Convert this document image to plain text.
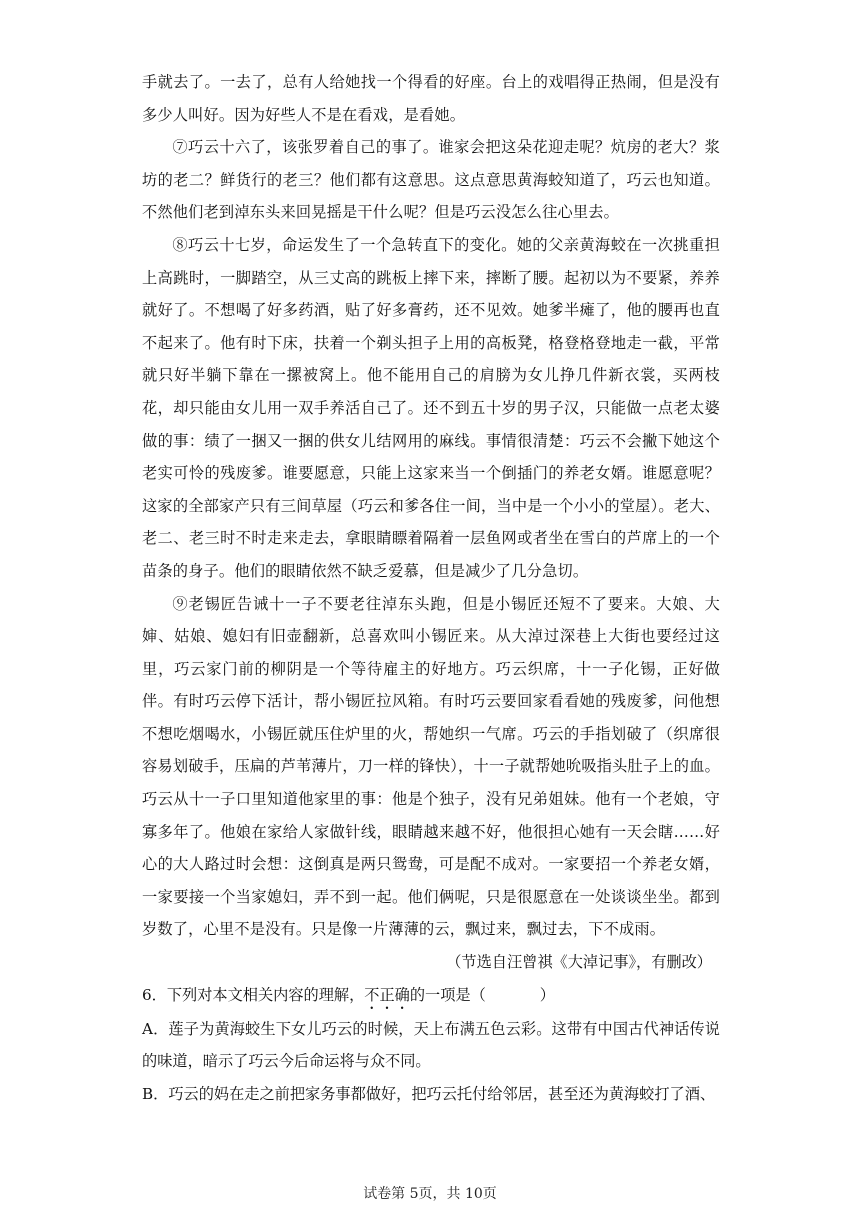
手就去了。一去了，总有人给她找一个得看的好座。台上的戏唱得正热闹，但是没有多少人叫好。因为好些人不是在看戏，是看她。

⑦巧云十六了，该张罗着自己的事了。谁家会把这朵花迎走呢？炕房的老大？浆坊的老二？鲜货行的老三？他们都有这意思。这点意思黄海蛟知道了，巧云也知道。不然他们老到淖东头来回晃摇是干什么呢？但是巧云没怎么往心里去。

⑧巧云十七岁，命运发生了一个急转直下的变化。她的父亲黄海蛟在一次挑重担上高跳时，一脚踏空，从三丈高的跳板上摔下来，摔断了腰。起初以为不要紧，养养就好了。不想喝了好多药酒，贴了好多膏药，还不见效。她爹半瘫了，他的腰再也直不起来了。他有时下床，扶着一个剃头担子上用的高板凳，格登格登地走一截，平常就只好半躺下靠在一摞被窝上。他不能用自己的肩膀为女儿挣几件新衣裳，买两枝花，却只能由女儿用一双手养活自己了。还不到五十岁的男子汉，只能做一点老太婆做的事：绩了一捆又一捆的供女儿结网用的麻线。事情很清楚：巧云不会撇下她这个老实可怜的残废爹。谁要愿意，只能上这家来当一个倒插门的养老女婿。谁愿意呢？这家的全部家产只有三间草屋（巧云和爹各住一间，当中是一个小小的堂屋）。老大、老二、老三时不时走来走去，拿眼睛瞟着隔着一层鱼网或者坐在雪白的芦席上的一个苗条的身子。他们的眼睛依然不缺乏爱慕，但是减少了几分急切。

⑨老锡匠告诫十一子不要老往淖东头跑，但是小锡匠还短不了要来。大娘、大婶、姑娘、媳妇有旧壶翻新，总喜欢叫小锡匠来。从大淖过深巷上大街也要经过这里，巧云家门前的柳阴是一个等待雇主的好地方。巧云织席，十一子化锡，正好做伴。有时巧云停下活计，帮小锡匠拉风箱。有时巧云要回家看看她的残废爹，问他想不想吃烟喝水，小锡匠就压住炉里的火，帮她织一气席。巧云的手指划破了（织席很容易划破手，压扁的芦苇薄片，刀一样的锋快），十一子就帮她吮吸指头肚子上的血。巧云从十一子口里知道他家里的事：他是个独子，没有兄弟姐妹。他有一个老娘，守寡多年了。他娘在家给人家做针线，眼睛越来越不好，他很担心她有一天会瞎……好心的大人路过时会想：这倒真是两只鸳鸯，可是配不成对。一家要招一个养老女婿，一家要接一个当家媳妇，弄不到一起。他们俩呢，只是很愿意在一处谈谈坐坐。都到岁数了，心里不是没有。只是像一片薄薄的云，飘过来，飘过去，下不成雨。

（节选自汪曾祺《大淖记事》，有删改）

6．下列对本文相关内容的理解，不正确的一项是（	）

A．莲子为黄海蛟生下女儿巧云的时候，天上布满五色云彩。这带有中国古代神话传说的味道，暗示了巧云今后命运将与众不同。

B．巧云的妈在走之前把家务事都做好，把巧云托付给邻居，甚至还为黄海蛟打了酒、

试卷第 5页，共 10页
